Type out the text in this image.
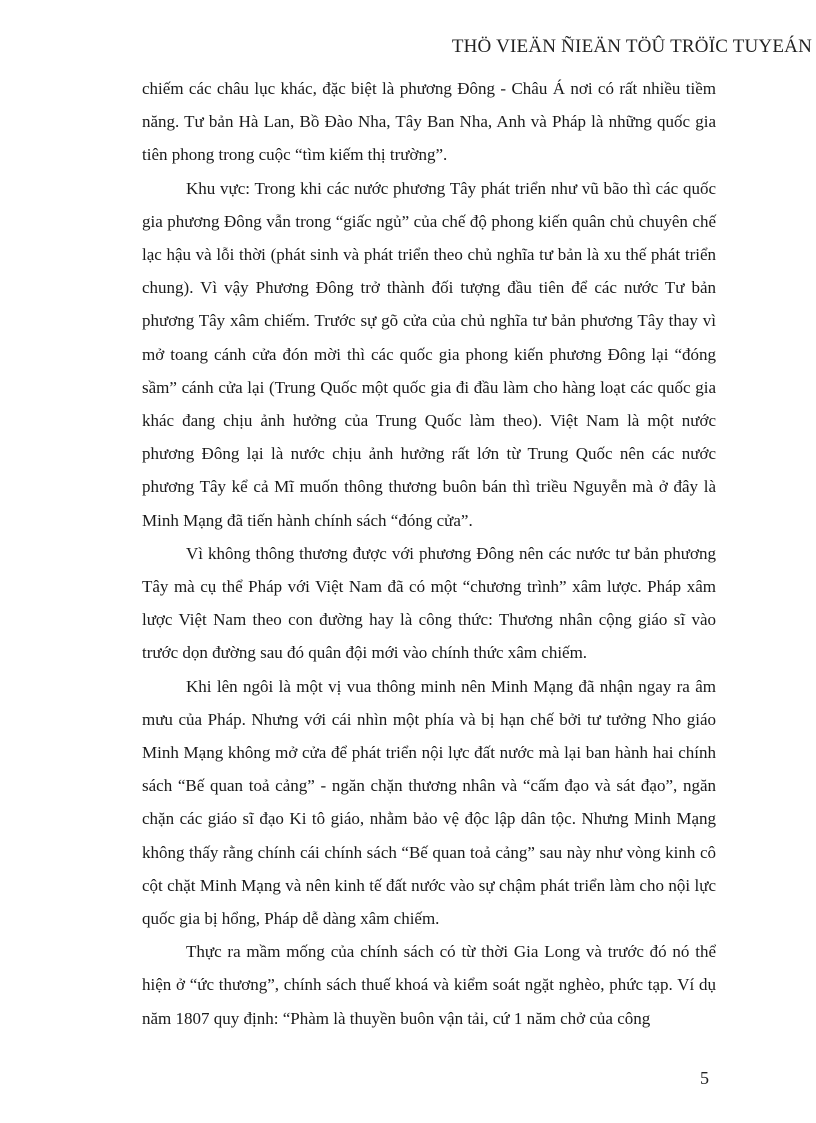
THÖ VIEÄN ÑIEÄN TÖÛ TRÖÏC TUYEÁN

chiếm các châu lục khác, đặc biệt là phương Đông - Châu Á nơi có rất nhiều tiềm năng. Tư bản Hà Lan, Bồ Đào Nha, Tây Ban Nha, Anh và Pháp là những quốc gia tiên phong trong cuộc “tìm kiếm thị trường”.

Khu vực: Trong khi các nước phương Tây phát triển như vũ bão thì các quốc gia phương Đông vẫn trong “giấc ngủ” của chế độ phong kiến quân chủ chuyên chế lạc hậu và lỗi thời (phát sinh và phát triển theo chủ nghĩa tư bản là xu thế phát triển chung). Vì vậy Phương Đông trở thành đối tượng đầu tiên để các nước Tư bản phương Tây xâm chiếm. Trước sự gõ cửa của chủ nghĩa tư bản phương Tây thay vì mở toang cánh cửa đón mời thì các quốc gia phong kiến phương Đông lại “đóng sầm” cánh cửa lại (Trung Quốc một quốc gia đi đầu làm cho hàng loạt các quốc gia khác đang chịu ảnh hưởng của Trung Quốc làm theo). Việt Nam là một nước phương Đông lại là nước chịu ảnh hưởng rất lớn từ Trung Quốc nên các nước phương Tây kể cả Mĩ muốn thông thương buôn bán thì triều Nguyễn mà ở đây là Minh Mạng đã tiến hành chính sách “đóng cửa”.

Vì không thông thương được với phương Đông nên các nước tư bản phương Tây mà cụ thể Pháp với Việt Nam đã có một “chương trình” xâm lược. Pháp xâm lược Việt Nam theo con đường hay là công thức: Thương nhân cộng giáo sĩ vào trước dọn đường sau đó quân đội mới vào chính thức xâm chiếm.

Khi lên ngôi là một vị vua thông minh nên Minh Mạng đã nhận ngay ra âm mưu của Pháp. Nhưng với cái nhìn một phía và bị hạn chế bởi tư tưởng Nho giáo Minh Mạng không mở cửa để phát triển nội lực đất nước mà lại ban hành hai chính sách “Bế quan toả cảng” - ngăn chặn thương nhân và “cấm đạo và sát đạo”, ngăn chặn các giáo sĩ đạo Ki tô giáo, nhằm bảo vệ độc lập dân tộc. Nhưng Minh Mạng không thấy rằng chính cái chính sách “Bế quan toả cảng” sau này như vòng kinh cô cột chặt Minh Mạng và nên kinh tế đất nước vào sự chậm phát triển làm cho nội lực quốc gia bị hổng, Pháp dễ dàng xâm chiếm.

Thực ra mầm mống của chính sách có từ thời Gia Long và trước đó nó thể hiện ở “ức thương”, chính sách thuế khoá và kiểm soát ngặt nghèo, phức tạp. Ví dụ năm 1807 quy định: “Phàm là thuyền buôn vận tải, cứ 1 năm chở của công

5
